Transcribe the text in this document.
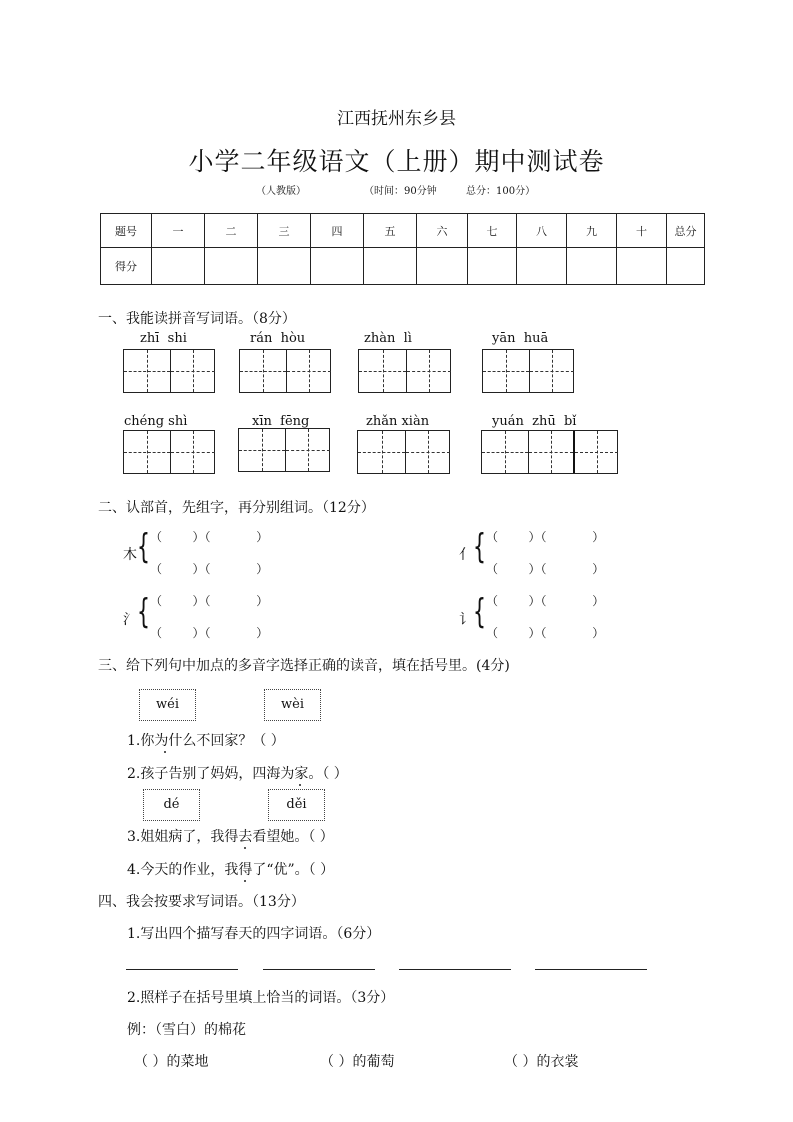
江西抚州东乡县
小学二年级语文（上册）期中测试卷
（人教版）	（时间：90分钟	总分：100分）
题号	一	二	三	四	五	六	七	八	九	十	总分
得分											
一、我能读拼音写词语。（8分）
zhī  shi	rán  hòu	zhàn  lì	yān  huā
chéng shì	xīn  fēng	zhǎn xiàn	yuán  zhū  bǐ
二、认部首，先组字，再分别组词。（12分）
木 { （        ）（            ）
（        ）（            ）
亻 { （        ）（            ）
（        ）（            ）
氵 { （        ）（            ）
（        ）（            ）
讠 { （        ）（            ）
（        ）（            ）
三、给下列句中加点的多音字选择正确的读音，填在括号里。(4分)
wéi	wèi
1.你为什么不回家？（ ）
2.孩子告别了妈妈，四海为家。（ ）
dé	děi
3.姐姐病了，我得去看望她。（ ）
4.今天的作业，我得了“优”。（ ）
四、我会按要求写词语。（13分）
1.写出四个描写春天的四字词语。（6分）
2.照样子在括号里填上恰当的词语。（3分）
例：（雪白）的棉花
（ ）的菜地	（ ）的葡萄	（ ）的衣裳
